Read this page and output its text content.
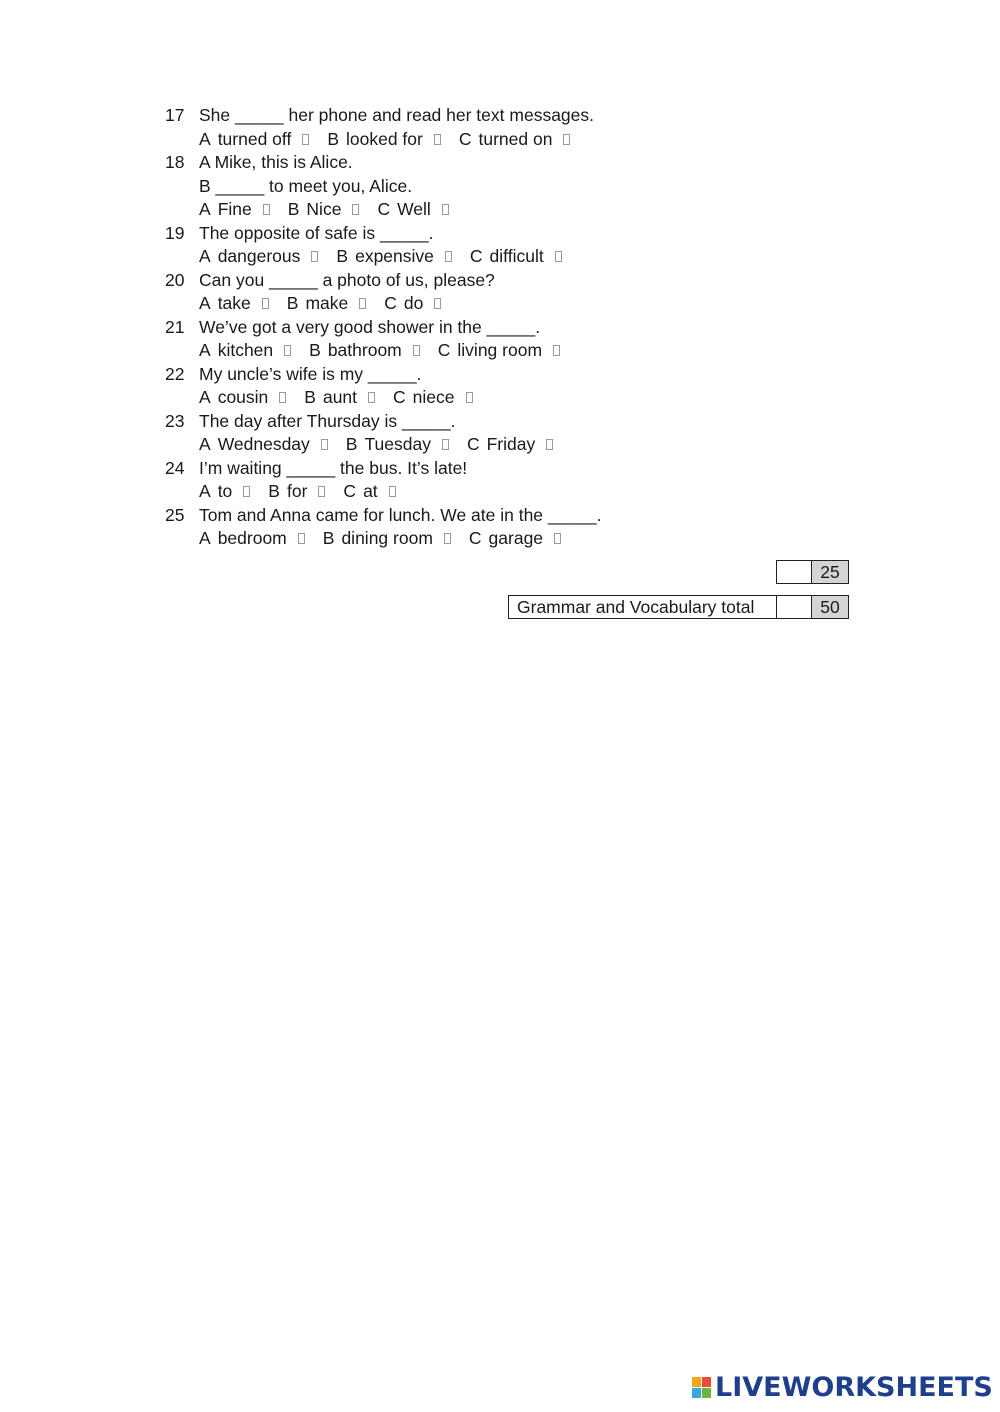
17 She _____ her phone and read her text messages.
A turned off B looked for C turned on
18 A Mike, this is Alice.
B _____ to meet you, Alice.
A Fine B Nice C Well
19 The opposite of safe is _____.
A dangerous B expensive C difficult
20 Can you _____ a photo of us, please?
A take B make C do
21 We’ve got a very good shower in the _____.
A kitchen B bathroom C living room
22 My uncle’s wife is my _____.
A cousin B aunt C niece
23 The day after Thursday is _____.
A Wednesday B Tuesday C Friday
24 I’m waiting _____ the bus. It’s late!
A to B for C at
25 Tom and Anna came for lunch. We ate in the _____.
A bedroom B dining room C garage
25
Grammar and Vocabulary total	50
LIVEWORKSHEETS
